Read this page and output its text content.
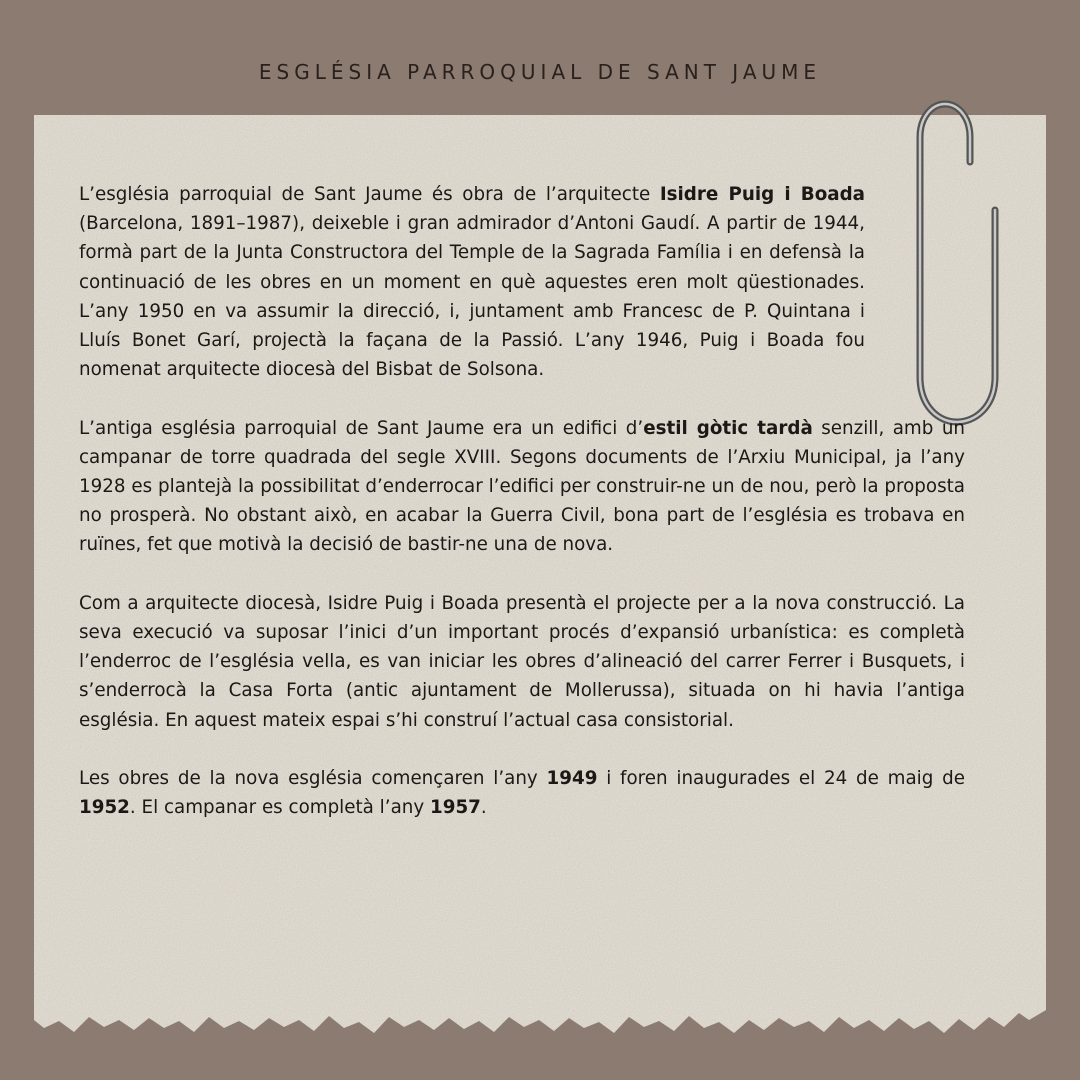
ESGLÉSIA PARROQUIAL DE SANT JAUME

L’església parroquial de Sant Jaume és obra de l’arquitecte Isidre Puig i Boada (Barcelona, 1891–1987), deixeble i gran admirador d’Antoni Gaudí. A partir de 1944, formà part de la Junta Constructora del Temple de la Sagrada Família i en defensà la continuació de les obres en un moment en què aquestes eren molt qüestionades. L’any 1950 en va assumir la direcció, i, juntament amb Francesc de P. Quintana i Lluís Bonet Garí, projectà la façana de la Passió. L’any 1946, Puig i Boada fou nomenat arquitecte diocesà del Bisbat de Solsona.

L’antiga església parroquial de Sant Jaume era un edifici d’estil gòtic tardà senzill, amb un campanar de torre quadrada del segle XVIII. Segons documents de l’Arxiu Municipal, ja l’any 1928 es plantejà la possibilitat d’enderrocar l’edifici per construir-ne un de nou, però la proposta no prosperà. No obstant això, en acabar la Guerra Civil, bona part de l’església es trobava en ruïnes, fet que motivà la decisió de bastir-ne una de nova.

Com a arquitecte diocesà, Isidre Puig i Boada presentà el projecte per a la nova construcció. La seva execució va suposar l’inici d’un important procés d’expansió urbanística: es completà l’enderroc de l’església vella, es van iniciar les obres d’alineació del carrer Ferrer i Busquets, i s’enderrocà la Casa Forta (antic ajuntament de Mollerussa), situada on hi havia l’antiga església. En aquest mateix espai s’hi construí l’actual casa consistorial.

Les obres de la nova església començaren l’any 1949 i foren inaugurades el 24 de maig de 1952. El campanar es completà l’any 1957.
